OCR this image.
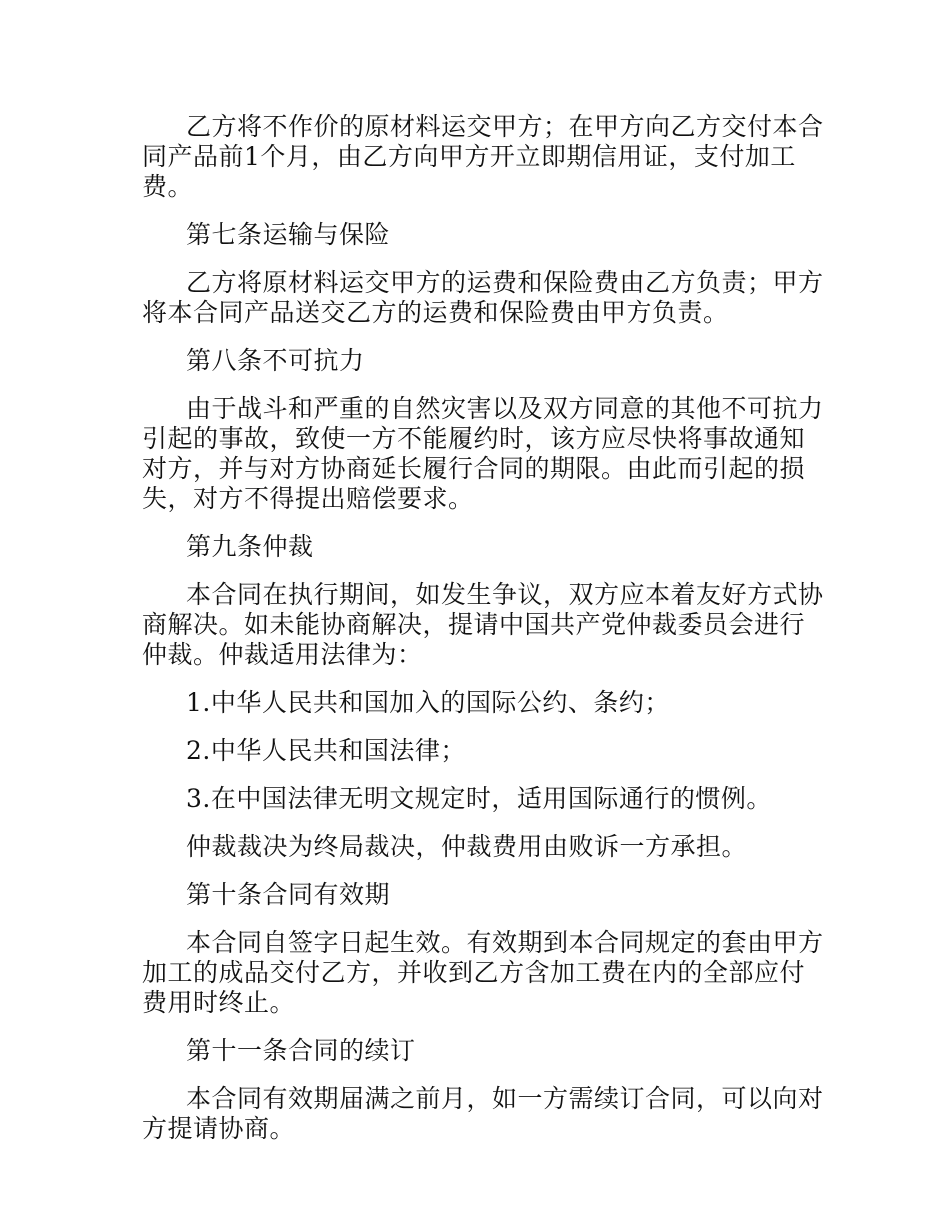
乙方将不作价的原材料运交甲方；在甲方向乙方交付本合同产品前1个月，由乙方向甲方开立即期信用证，支付加工费。

第七条运输与保险

乙方将原材料运交甲方的运费和保险费由乙方负责；甲方将本合同产品送交乙方的运费和保险费由甲方负责。

第八条不可抗力

由于战斗和严重的自然灾害以及双方同意的其他不可抗力引起的事故，致使一方不能履约时，该方应尽快将事故通知对方，并与对方协商延长履行合同的期限。由此而引起的损失，对方不得提出赔偿要求。

第九条仲裁

本合同在执行期间，如发生争议，双方应本着友好方式协商解决。如未能协商解决，提请中国共产党仲裁委员会进行仲裁。仲裁适用法律为：

1.中华人民共和国加入的国际公约、条约；

2.中华人民共和国法律；

3.在中国法律无明文规定时，适用国际通行的惯例。

仲裁裁决为终局裁决，仲裁费用由败诉一方承担。

第十条合同有效期

本合同自签字日起生效。有效期到本合同规定的套由甲方加工的成品交付乙方，并收到乙方含加工费在内的全部应付费用时终止。

第十一条合同的续订

本合同有效期届满之前月，如一方需续订合同，可以向对方提请协商。
